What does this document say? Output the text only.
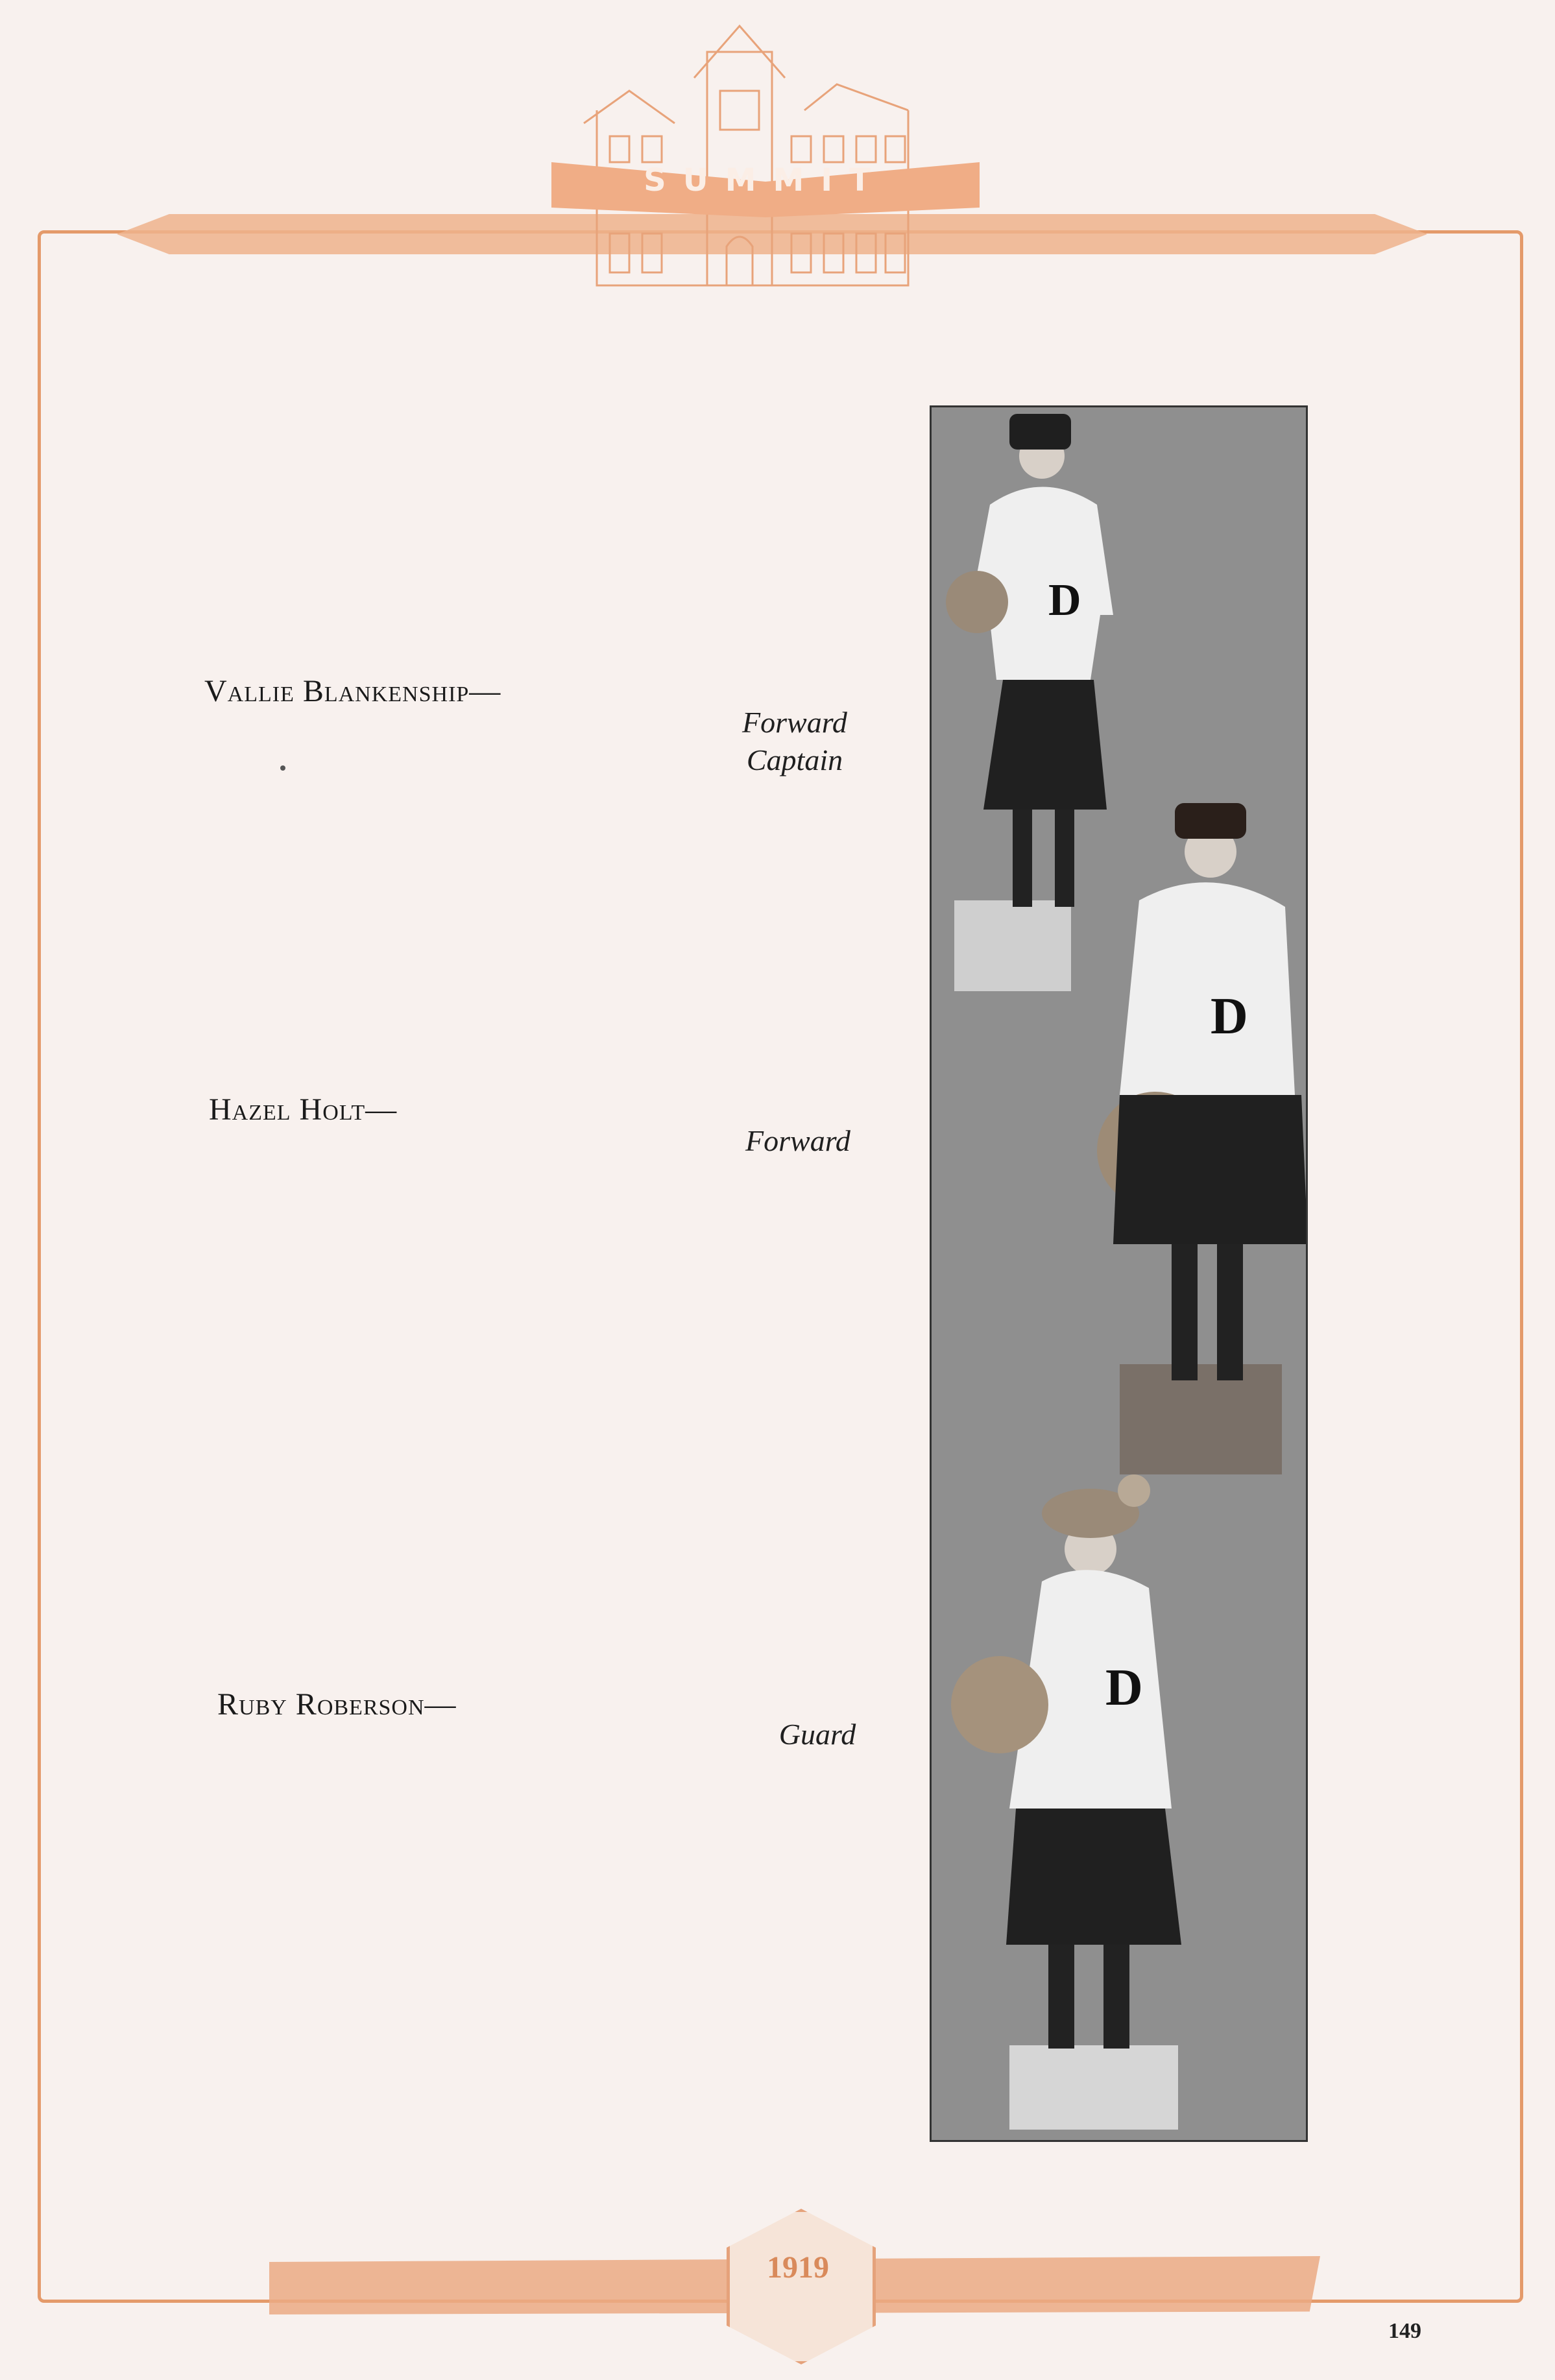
SUMMIT
Vallie Blankenship—
Forward
Captain
Hazel Holt—
Forward
Ruby Roberson—
Guard
D
D
D
1919
149
